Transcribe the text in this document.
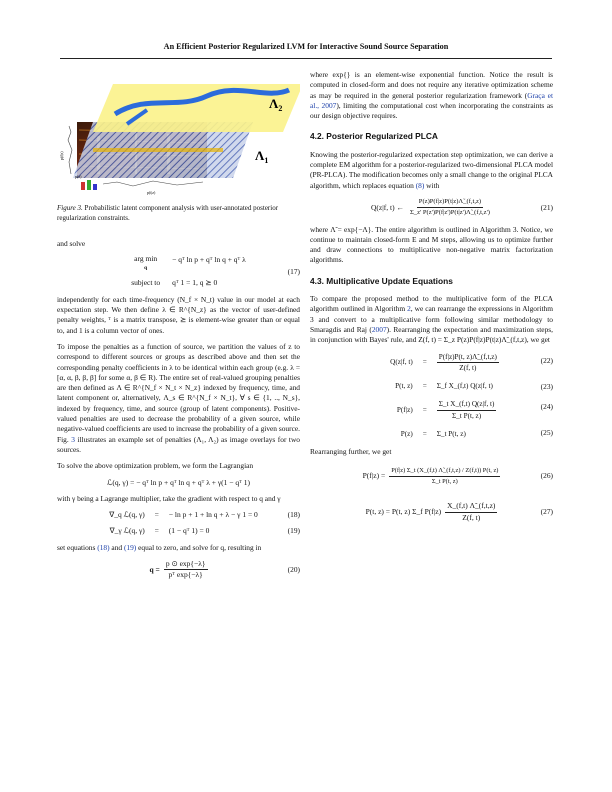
An Efficient Posterior Regularized LVM for Interactive Sound Source Separation
p(f|z)
p(z)
p(t|z)
$\Lambda_2$
$\Lambda_1$
Figure 3. Probabilistic latent component analysis with user-annotated posterior regularization constraints.

and solve

arg min
q
− qᵀ ln p + qᵀ ln q + qᵀ λ
subject to qᵀ 1 = 1, q ⪰ 0
(17)

independently for each time-frequency (N_f × N_t) value in our model at each expectation step. We then define λ ∈ R^{N_z} as the vector of user-defined penalty weights, ᵀ is a matrix transpose, ⪰ is element-wise greater than or equal to, and 1 is a column vector of ones.

To impose the penalties as a function of source, we partition the values of z to correspond to different sources or groups as described above and then set the corresponding penalty coefficients in λ to be identical within each group (e.g. λ = [α, α, β, β, β] for some α, β ∈ R). The entire set of real-valued grouping penalties are then defined as Λ ∈ R^{N_f × N_t × N_z} indexed by frequency, time, and latent component or, alternatively, Λ_s ∈ R^{N_f × N_t}, ∀ s ∈ {1, .., N_s}, indexed by frequency, time, and source (group of latent components). Positive-valued penalties are used to decrease the probability of a given source, while negative-valued coefficients are used to increase the probability of a given source. Fig. 3 illustrates an example set of penalties (Λ₁, Λ₂) as image overlays for two sources.

To solve the above optimization problem, we form the Lagrangian

ℒ(q, γ) = − qᵀ ln p + qᵀ ln q + qᵀ λ + γ(1 − qᵀ 1)

with γ being a Lagrange multiplier, take the gradient with respect to q and γ

∇_q ℒ(q, γ)	=	− ln p + 1 + ln q + λ − γ 1 = 0
∇_γ ℒ(q, γ)	=	(1 − qᵀ 1) = 0
(18)
(19)

set equations (18) and (19) equal to zero, and solve for q, resulting in

$q = \frac{p ⊙ \exp\{-\lambda\}}{\text{pᵀ exp\{−λ\}}}$	(20)

where exp{} is an element-wise exponential function. Notice the result is computed in closed-form and does not require any iterative optimization scheme as may be required in the general posterior regularization framework (Graça et al., 2007), limiting the computational cost when incorporating the constraints as our design objective requires.

4.2. Posterior Regularized PLCA

Knowing the posterior-regularized expectation step optimization, we can derive a complete EM algorithm for a posterior-regularized two-dimensional PLCA model (PR-PLCA). The modification becomes only a small change to the original PLCA algorithm, which replaces equation (8) with

Q(z|f, t) ← $\frac{P(z)P(f|z)P(t|z)\Lambdã\_(f,t,z)}{\Sigma\_z' P(z')P(f|z')P(t|z')\Lambdã\_(f,t,z')}$	(21)

where Λ̃ = exp{−Λ}. The entire algorithm is outlined in Algorithm 3. Notice, we continue to maintain closed-form E and M steps, allowing us to optimize further and draw connections to multiplicative non-negative matrix factorization algorithms.

4.3. Multiplicative Update Equations

To compare the proposed method to the multiplicative form of the PLCA algorithm outlined in Algorithm 2, we can rearrange the expressions in Algorithm 3 and convert to a multiplicative form following similar methodology to Smaragdis and Raj (2007). Rearranging the expectation and maximization steps, in conjunction with Bayes' rule, and Z(f, t) = Σ_z P(z)P(f|z)P(t|z)Λ̃_(f,t,z), we get

Q(z|f, t)	=	$\frac{P(f|z)P(t, z)\Lambdã\_(f,t,z)}{Z(f, t)}$
P(t, z)	=	Σ_f X_(f,t) Q(z|f, t)
P(f|z)	=	$\frac{\text{Σ\_t X\_(f,t) Q(z|f, t)}}{\text{Σ\_t P(t, z)}}$
P(z)	=	Σ_t P(t, z)
(22)
(23)
(24)
(25)

Rearranging further, we get

$P(f|z) = \frac{P(f|z) \Sigma\_t (X\_(f,t) \Lambdã\_(f,t,z) / Z(f,t)) P(t, z)}{\text{Σ\_t P(t, z)}}$	(26)
P(t, z) = P(t, z) Σ_f $P(f|z) \frac{X\_(f,t) \Lambdã\_(f,t,z)}{Z(f, t)}$	(27)
